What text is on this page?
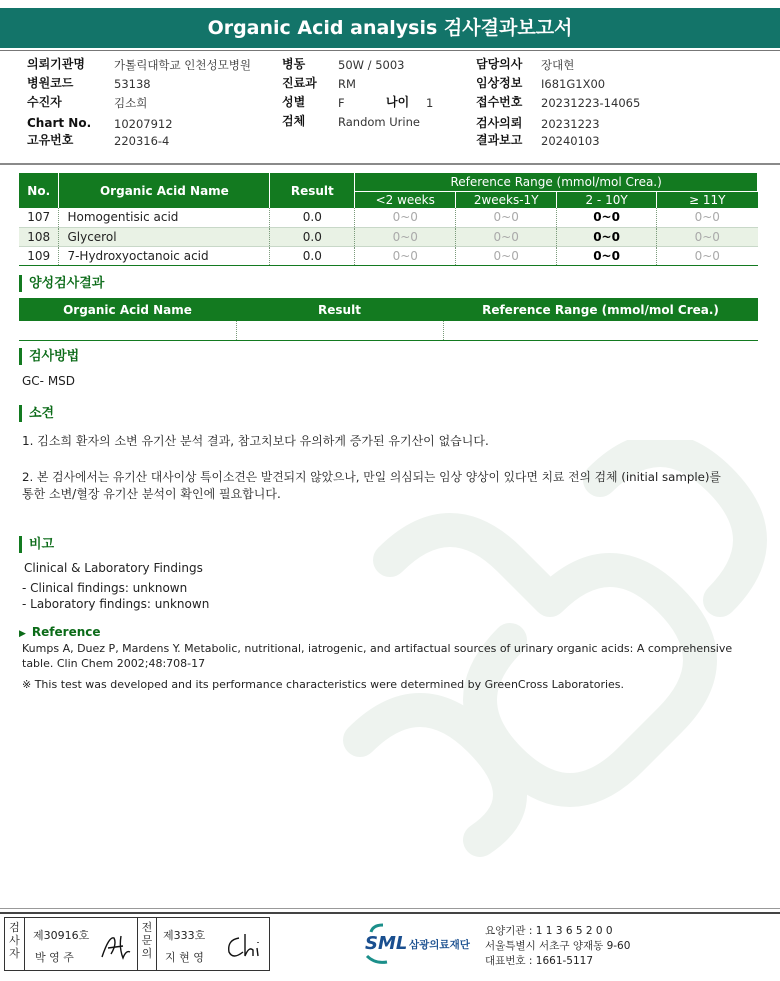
Organic Acid analysis 검사결과보고서
의뢰기관명	가톨릭대학교 인천성모병원
병원코드	53138
수진자	김소희
Chart No. 10207912
고유번호	220316-4
병동	50W / 5003
진료과 RM
성별	F	나이 1
검체	Random Urine
담당의사 장대현
임상정보 I681G1X00
접수번호 20231223-14065
검사의뢰 20231223
결과보고 20240103
No.	Organic Acid Name	Result	Reference Range (mmol/mol Crea.)			
			<2 weeks	2weeks-1Y	2 - 10Y	≥ 11Y
107	Homogentisic acid	0.0	0~0	0~0	0~0	0~0
108	Glycerol	0.0	0~0	0~0	0~0	0~0
109	7-Hydroxyoctanoic acid	0.0	0~0	0~0	0~0	0~0
양성검사결과
Organic Acid Name	Result	Reference Range (mmol/mol Crea.)

검사방법
GC- MSD
소견
1. 김소희 환자의 소변 유기산 분석 결과, 참고치보다 유의하게 증가된 유기산이 없습니다.
2. 본 검사에서는 유기산 대사이상 특이소견은 발견되지 않았으나, 만일 의심되는 임상 양상이 있다면 치료 전의 검체 (initial sample)를
통한 소변/혈장 유기산 분석이 확인에 필요합니다.
비고
Clinical & Laboratory Findings
- Clinical findings: unknown
- Laboratory findings: unknown
▶ Reference
Kumps A, Duez P, Mardens Y. Metabolic, nutritional, iatrogenic, and artifactual sources of urinary organic acids: A comprehensive
table. Clin Chem 2002;48:708-17
※ This test was developed and its performance characteristics were determined by GreenCross Laboratories.
검사자
제30916호
박 영 주
전문의
제333호
지 현 영
SML 삼광의료재단
요양기관 : 1 1 3 6 5 2 0 0
서울특별시 서초구 양재동 9-60
대표번호 : 1661-5117
